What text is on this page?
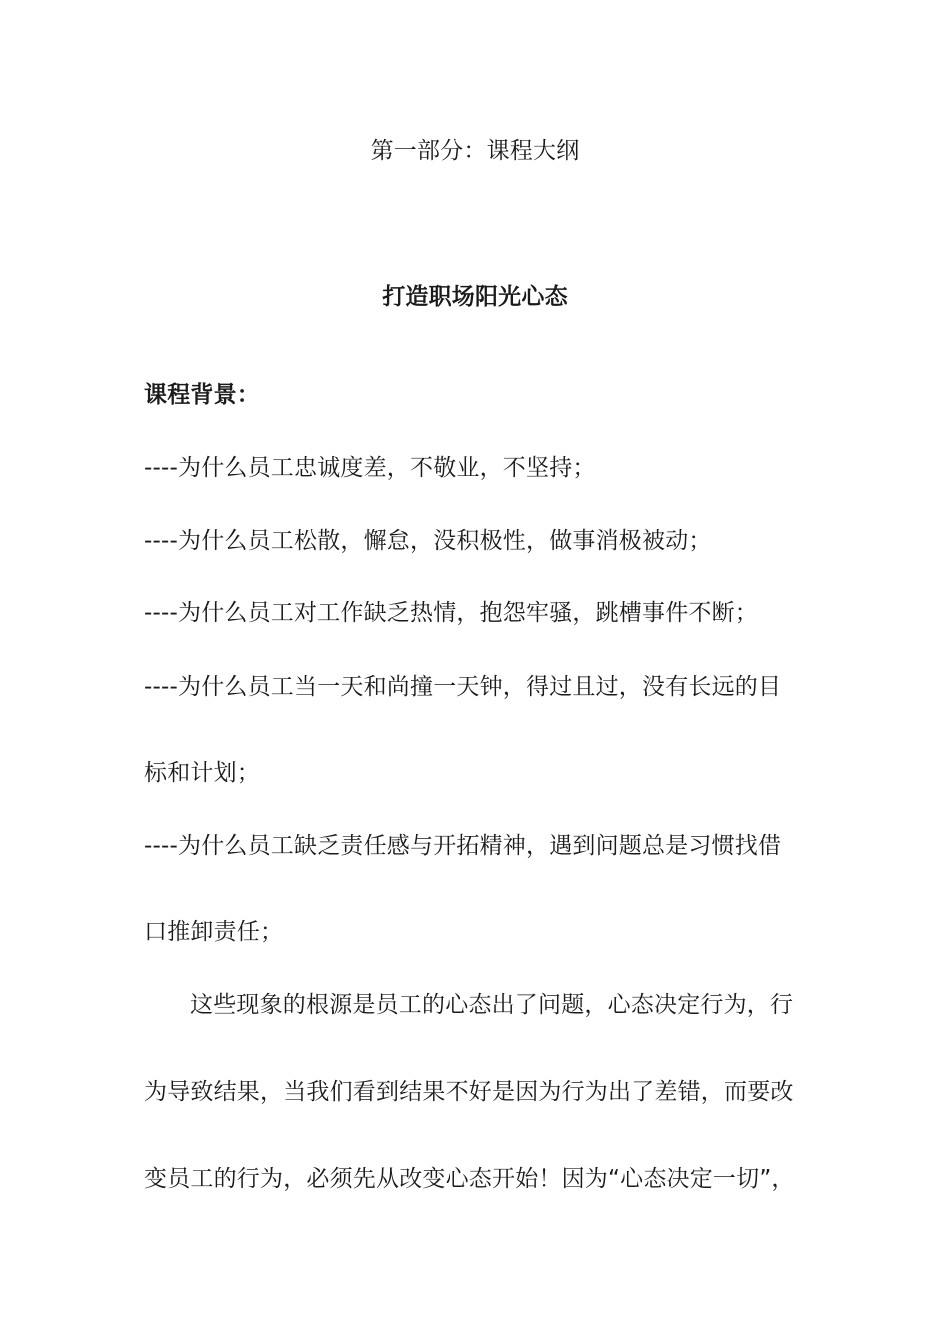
第一部分：课程大纲
打造职场阳光心态
课程背景：
----为什么员工忠诚度差，不敬业，不坚持；
----为什么员工松散，懈怠，没积极性，做事消极被动；
----为什么员工对工作缺乏热情，抱怨牢骚，跳槽事件不断；
----为什么员工当一天和尚撞一天钟，得过且过，没有长远的目
标和计划；
----为什么员工缺乏责任感与开拓精神，遇到问题总是习惯找借
口推卸责任；
这些现象的根源是员工的心态出了问题，心态决定行为，行
为导致结果，当我们看到结果不好是因为行为出了差错，而要改
变员工的行为，必须先从改变心态开始！因为“心态决定一切”，
